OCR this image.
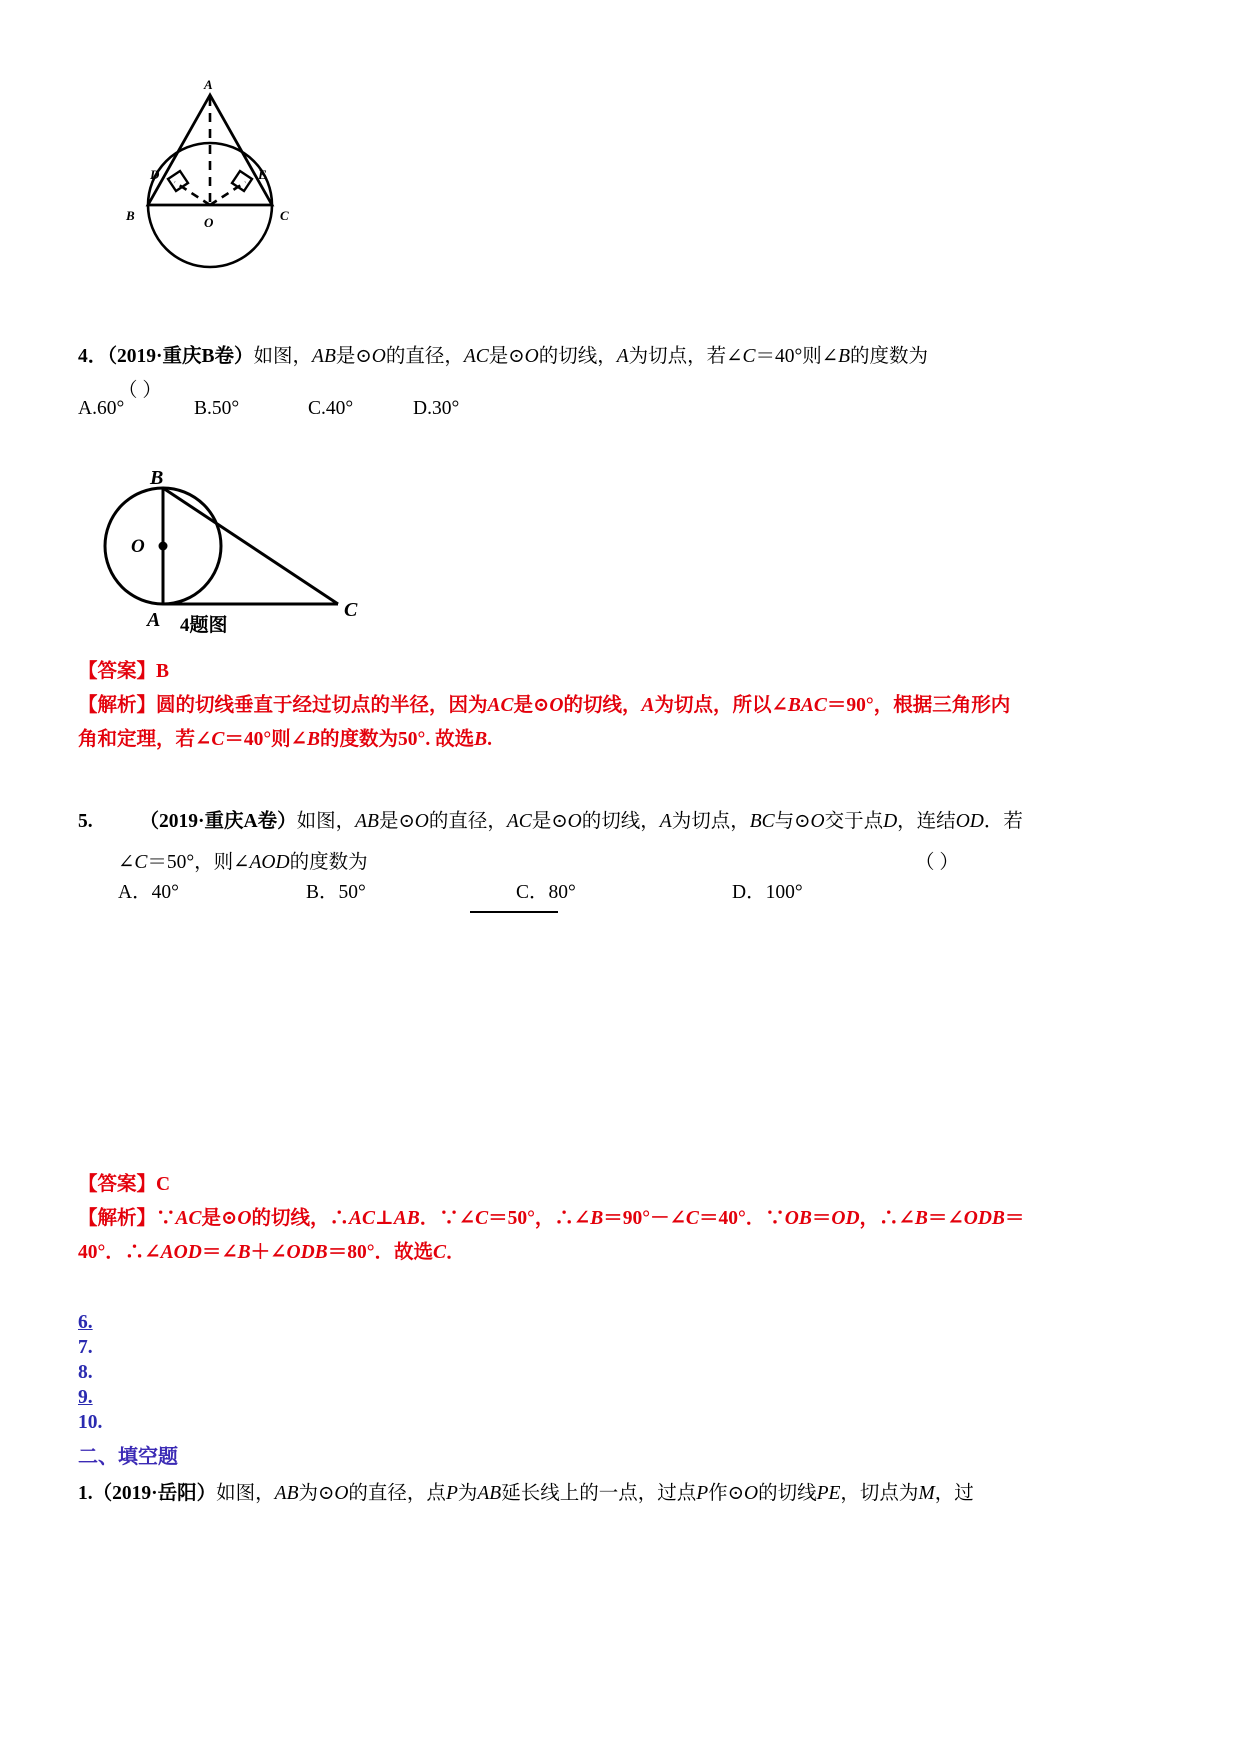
A
D	E
B	C
O
4．（2019·重庆B卷）如图，AB是⊙O的直径，AC是⊙O的切线，A为切点，若∠C＝40°则∠B的度数为
（ ）
A.60°	B.50°	C.40°	D.30°
B
O
A	C
4题图
【答案】B
【解析】圆的切线垂直于经过切点的半径，因为AC是⊙O的切线，A为切点，所以∠BAC＝90°，根据三角形内
角和定理，若∠C＝40°则∠B的度数为50°. 故选B.
5. （2019·重庆A卷）如图，AB是⊙O的直径，AC是⊙O的切线，A为切点，BC与⊙O交于点D，连结OD．若
∠C＝50°，则∠AOD的度数为	（ ）
A．40°	B．50°	C．80°	D．100°
【答案】C
【解析】∵AC是⊙O的切线，∴AC⊥AB．∵∠C＝50°，∴∠B＝90°－∠C＝40°．∵OB＝OD，∴∠B＝∠ODB＝
40°．∴∠AOD＝∠B＋∠ODB＝80°．故选C．
6.
7.
8.
9.
10.
二、填空题
1.（2019·岳阳）如图，AB为⊙O的直径，点P为AB延长线上的一点，过点P作⊙O的切线PE，切点为M，过
